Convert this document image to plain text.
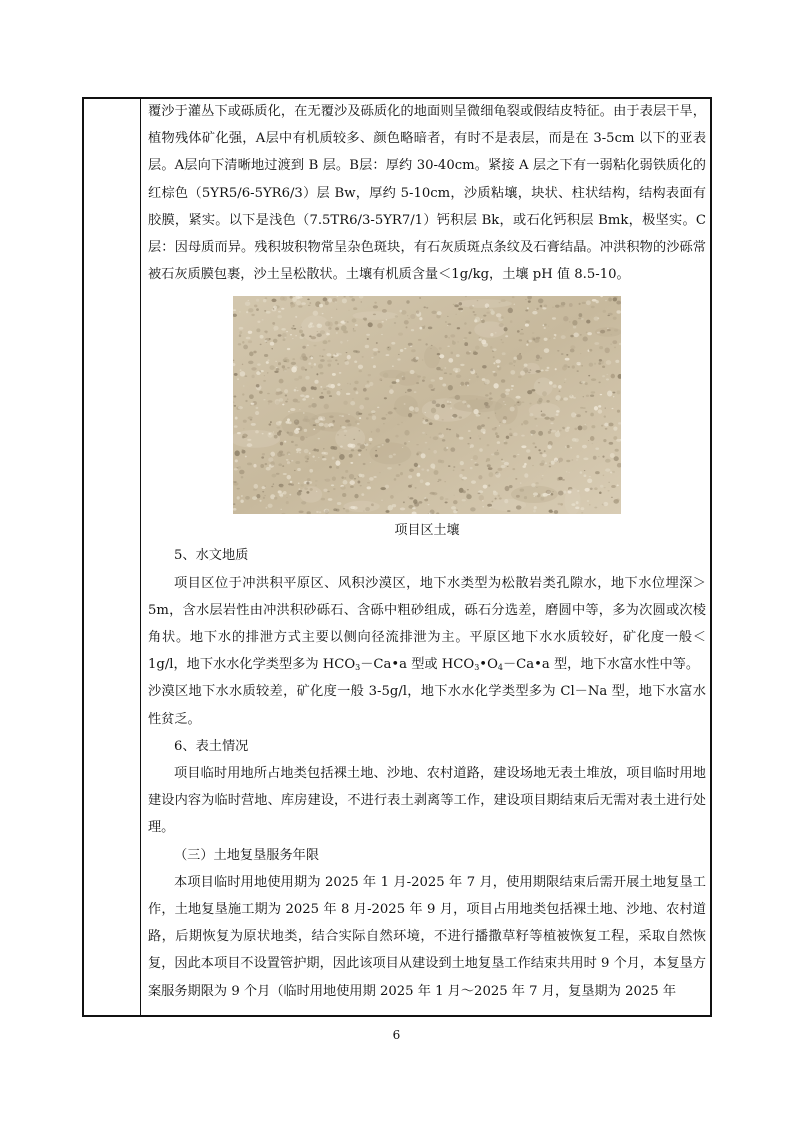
覆沙于灌丛下或砾质化，在无覆沙及砾质化的地面则呈微细龟裂或假结皮特征。由于表层干旱，植物残体矿化强，A层中有机质较多、颜色略暗者，有时不是表层，而是在 3-5cm 以下的亚表层。A层向下清晰地过渡到 B 层。B层：厚约 30-40cm。紧接 A 层之下有一弱粘化弱铁质化的红棕色（5YR5/6-5YR6/3）层 Bw，厚约 5-10cm，沙质粘壤，块状、柱状结构，结构表面有胶膜，紧实。以下是浅色（7.5TR6/3-5YR7/1）钙积层 Bk，或石化钙积层 Bmk，极坚实。C层：因母质而异。残积坡积物常呈杂色斑块，有石灰质斑点条纹及石膏结晶。冲洪积物的沙砾常被石灰质膜包裹，沙土呈松散状。土壤有机质含量＜1g/kg，土壤 pH 值 8.5-10。

项目区土壤

5、水文地质

项目区位于冲洪积平原区、风积沙漠区，地下水类型为松散岩类孔隙水，地下水位埋深＞5m，含水层岩性由冲洪积砂砾石、含砾中粗砂组成，砾石分选差，磨圆中等，多为次圆或次棱角状。地下水的排泄方式主要以侧向径流排泄为主。平原区地下水水质较好，矿化度一般＜1g/l，地下水水化学类型多为 $HCO_3-Ca•a$ 型或 $HCO_3•O_4-Ca•a$ 型，地下水富水性中等。

沙漠区地下水水质较差，矿化度一般 3-5g/l，地下水水化学类型多为 Cl－Na 型，地下水富水性贫乏。

6、表土情况

项目临时用地所占地类包括裸土地、沙地、农村道路，建设场地无表土堆放，项目临时用地建设内容为临时营地、库房建设，不进行表土剥离等工作，建设项目期结束后无需对表土进行处理。

（三）土地复垦服务年限

本项目临时用地使用期为 2025 年 1 月-2025 年 7 月，使用期限结束后需开展土地复垦工作，土地复垦施工期为 2025 年 8 月-2025 年 9 月，项目占用地类包括裸土地、沙地、农村道路，后期恢复为原状地类，结合实际自然环境，不进行播撒草籽等植被恢复工程，采取自然恢复，因此本项目不设置管护期，因此该项目从建设到土地复垦工作结束共用时 9 个月，本复垦方案服务期限为 9 个月（临时用地使用期 2025 年 1 月～2025 年 7 月，复垦期为 2025 年

6
